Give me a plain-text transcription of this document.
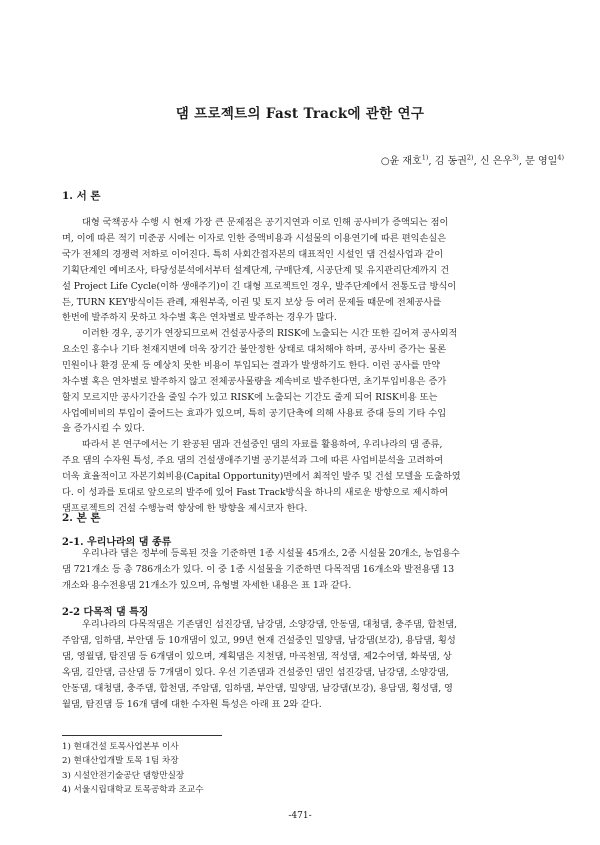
댐 프로젝트의 Fast Track에 관한 연구
○윤 재호$^{1)}$, 김 동권$^{2)}$, 신 은우$^{3)}$, 문 영일$^{4)}$
1. 서 론

대형 국책공사 수행 시 현재 가장 큰 문제점은 공기지연과 이로 인해 공사비가 증액되는 점이
며, 이에 따른 적기 미준공 시에는 이자로 인한 증액비용과 시설물의 이용연기에 따른 편익손실은
국가 전체의 경쟁력 저하로 이어진다. 특히 사회간접자본의 대표적인 시설인 댐 건설사업과 같이
기획단계인 예비조사, 타당성분석에서부터 설계단계, 구매단계, 시공단계 및 유지관리단계까지 건
설 Project Life Cycle(이하 생애주기)이 긴 대형 프로젝트인 경우, 발주단계에서 전통도급 방식이
든, TURN KEY방식이든 관례, 재원부족, 이권 및 토지 보상 등 여러 문제들 때문에 전체공사를
한번에 발주하지 못하고 차수별 혹은 연차별로 발주하는 경우가 많다.

이러한 경우, 공기가 연장되므로써 건설공사중의 RISK에 노출되는 시간 또한 길어져 공사외적
요소인 홍수나 기타 천재지변에 더욱 장기간 불안정한 상태로 대처해야 하며, 공사비 증가는 물론
민원이나 환경 문제 등 예상치 못한 비용이 투입되는 결과가 발생하기도 한다. 이런 공사를 만약
차수별 혹은 연차별로 발주하지 않고 전체공사물량을 계속비로 발주한다면, 초기투입비용은 증가
할지 모르지만 공사기간을 줄일 수가 있고 RISK에 노출되는 기간도 줄게 되어 RISK비용 또는
사업예비비의 투입이 줄어드는 효과가 있으며, 특히 공기단축에 의해 사용료 증대 등의 기타 수입
을 증가시킬 수 있다.

따라서 본 연구에서는 기 완공된 댐과 건설중인 댐의 자료를 활용하여, 우리나라의 댐 종류,
주요 댐의 수자원 특성, 주요 댐의 건설생애주기별 공기분석과 그에 따른 사업비분석을 고려하여
더욱 효율적이고 자본기회비용(Capital Opportunity)면에서 최적인 발주 및 건설 모델을 도출하였
다. 이 성과를 토대로 앞으로의 발주에 있어 Fast Track방식을 하나의 새로운 방향으로 제시하여
댐프로젝트의 건설 수행능력 향상에 한 방향을 제시코자 한다.

2. 본 론
2-1. 우리나라의 댐 종류

우리나라 댐은 정부에 등록된 것을 기준하면 1종 시설물 45개소, 2종 시설물 20개소, 농업용수
댐 721개소 등 총 786개소가 있다. 이 중 1종 시설물을 기준하면 다목적댐 16개소와 발전용댐 13
개소와 용수전용댐 21개소가 있으며, 유형별 자세한 내용은 표 1과 같다.

2-2 다목적 댐 특징

우리나라의 다목적댐은 기존댐인 섬진강댐, 남강댐, 소양강댐, 안동댐, 대청댐, 충주댐, 합천댐,
주암댐, 임하댐, 부안댐 등 10개댐이 있고, 99년 현재 건설중인 밀양댐, 남강댐(보강), 용담댐, 횡성
댐, 영월댐, 탐진댐 등 6개댐이 있으며, 계획댐은 지천댐, 마곡천댐, 적성댐, 제2수어댐, 화북댐, 상
옥댐, 길안댐, 금산댐 등 7개댐이 있다. 우선 기존댐과 건설중인 댐인 섬진강댐, 남강댐, 소양강댐,
안동댐, 대청댐, 충주댐, 합천댐, 주암댐, 임하댐, 부안댐, 밀양댐, 남강댐(보강), 용담댐, 횡성댐, 영
월댐, 탐진댐 등 16개 댐에 대한 수자원 특성은 아래 표 2와 같다.

1) 현대건설 토목사업본부 이사
2) 현대산업개발 토목 1팀 차장
3) 시설안전기술공단 댐항만실장
4) 서울시립대학교 토목공학과 조교수
-471-
